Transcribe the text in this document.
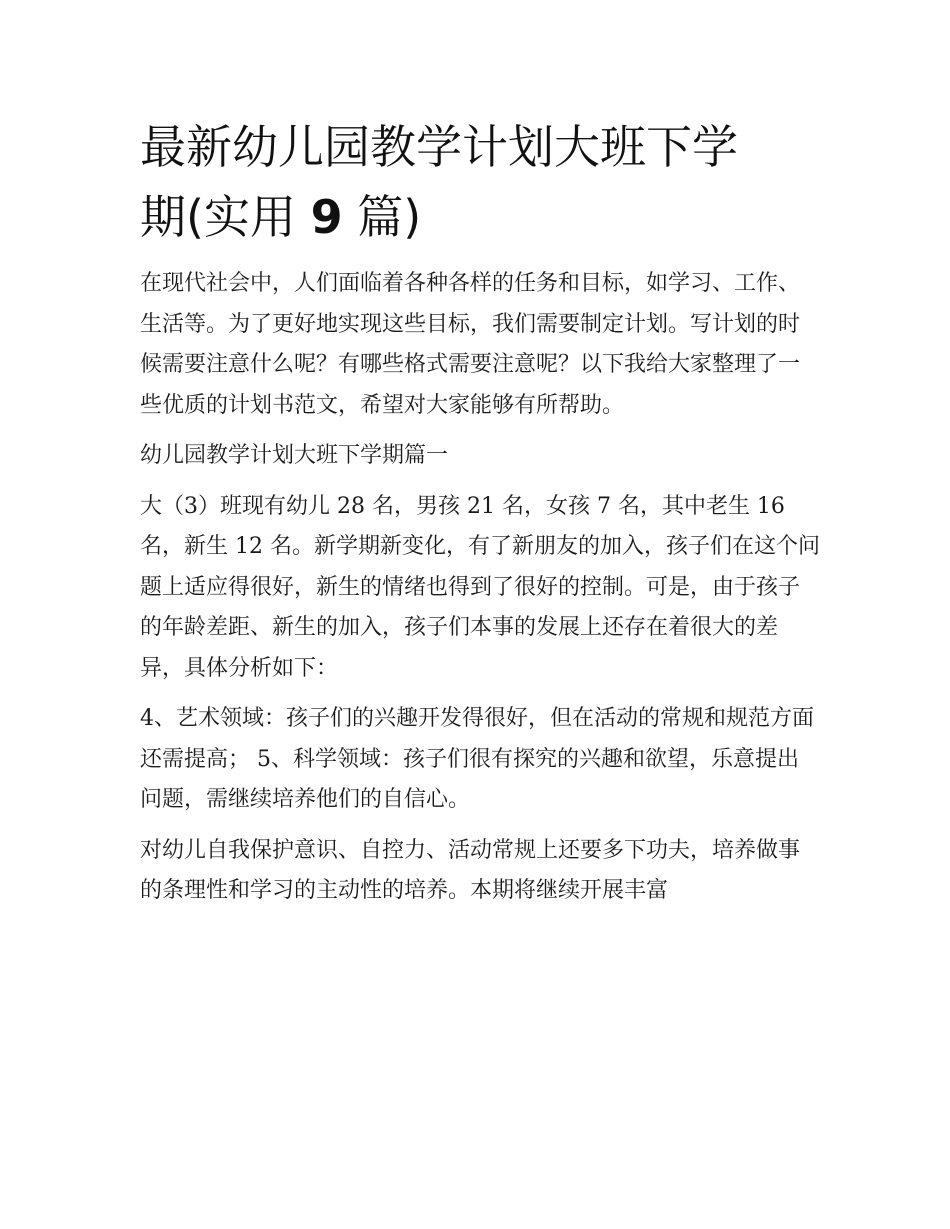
最新幼儿园教学计划大班下学
期(实用 9 篇)

在现代社会中，人们面临着各种各样的任务和目标，如学习、工作、生活等。为了更好地实现这些目标，我们需要制定计划。写计划的时候需要注意什么呢？有哪些格式需要注意呢？以下我给大家整理了一些优质的计划书范文，希望对大家能够有所帮助。

幼儿园教学计划大班下学期篇一

大（3）班现有幼儿 28 名，男孩 21 名，女孩 7 名，其中老生 16 名，新生 12 名。新学期新变化，有了新朋友的加入，孩子们在这个问题上适应得很好，新生的情绪也得到了很好的控制。可是，由于孩子的年龄差距、新生的加入，孩子们本事的发展上还存在着很大的差异，具体分析如下：

4、艺术领域：孩子们的兴趣开发得很好，但在活动的常规和规范方面还需提高； 5、科学领域：孩子们很有探究的兴趣和欲望，乐意提出问题，需继续培养他们的自信心。

对幼儿自我保护意识、自控力、活动常规上还要多下功夫，培养做事的条理性和学习的主动性的培养。本期将继续开展丰富
